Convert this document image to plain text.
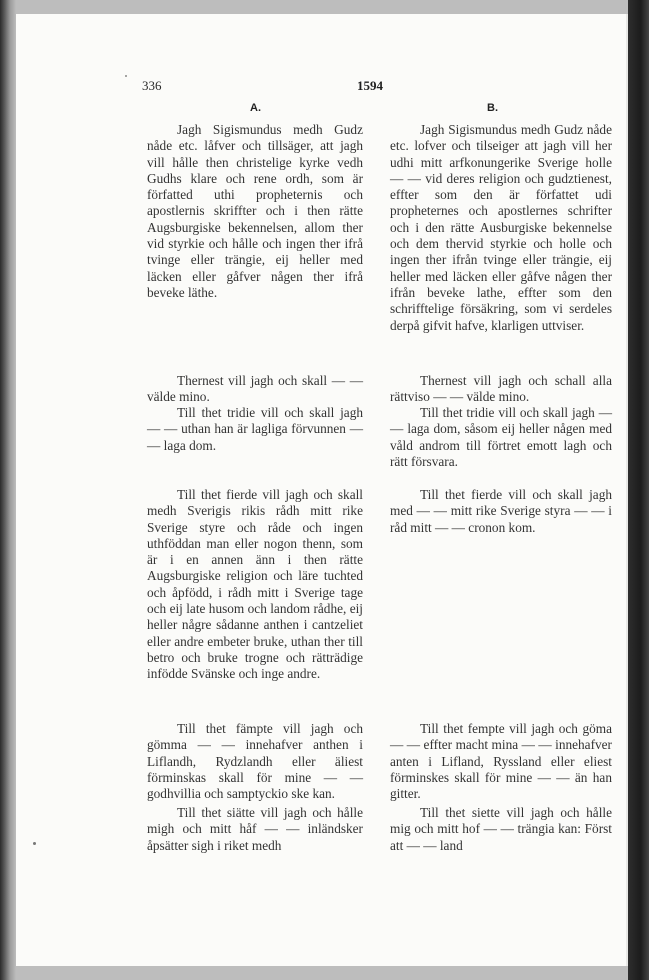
336	1594
A.	B.

Jagh Sigismundus medh Gudz nåde etc. låfver och tillsäger, att jagh vill hålle then christelige kyrke vedh Gudhs klare och rene ordh, som är författed uthi propheternis och apostlernis skriffter och i then rätte Augsburgiske bekennelsen, allom ther vid styrkie och hålle och ingen ther ifrå tvinge eller trängie, eij heller med läcken eller gåfver någen ther ifrå beveke läthe.

Thernest vill jagh och skall — — välde mino.

Till thet tridie vill och skall jagh — — uthan han är lagliga förvunnen — — laga dom.

Till thet fierde vill jagh och skall medh Sverigis rikis rådh mitt rike Sverige styre och råde och ingen uthföddan man eller nogon thenn, som är i en annen änn i then rätte Augsburgiske religion och läre tuchted och åpfödd, i rådh mitt i Sverige tage och eij late husom och landom rådhe, eij heller någre sådanne anthen i cantzeliet eller andre embeter bruke, uthan ther till betro och bruke trogne och rätträdige infödde Svänske och inge andre.

Till thet fämpte vill jagh och gömma — — innehafver anthen i Liflandh, Rydzlandh eller äliest förminskas skall för mine — — godhvillia och samptyckio ske kan.

Till thet siätte vill jagh och hålle migh och mitt håf — — inländsker åpsätter sigh i riket medh

Jagh Sigismundus medh Gudz nåde etc. lofver och tilseiger att jagh vill her udhi mitt arfkonungerike Sverige holle — — vid deres religion och gudztienest, effter som den är författet udi propheternes och apostlernes schrifter och i den rätte Ausburgiske bekennelse och dem thervid styrkie och holle och ingen ther ifrån tvinge eller trängie, eij heller med läcken eller gåfve någen ther ifrån beveke lathe, effter som den schrifftelige försäkring, som vi serdeles derpå gifvit hafve, klarligen uttviser.

Thernest vill jagh och schall alla rättviso — — välde mino.

Till thet tridie vill och skall jagh — — laga dom, såsom eij heller någen med våld androm till förtret emott lagh och rätt försvara.

Till thet fierde vill och skall jagh med — — mitt rike Sverige styra — — i råd mitt — — cronon kom.

Till thet fempte vill jagh och göma — — effter macht mina — — innehafver anten i Lifland, Ryssland eller eliest förminskes skall för mine — — än han gitter.

Till thet siette vill jagh och hålle mig och mitt hof — — trängia kan: Först att — — land
